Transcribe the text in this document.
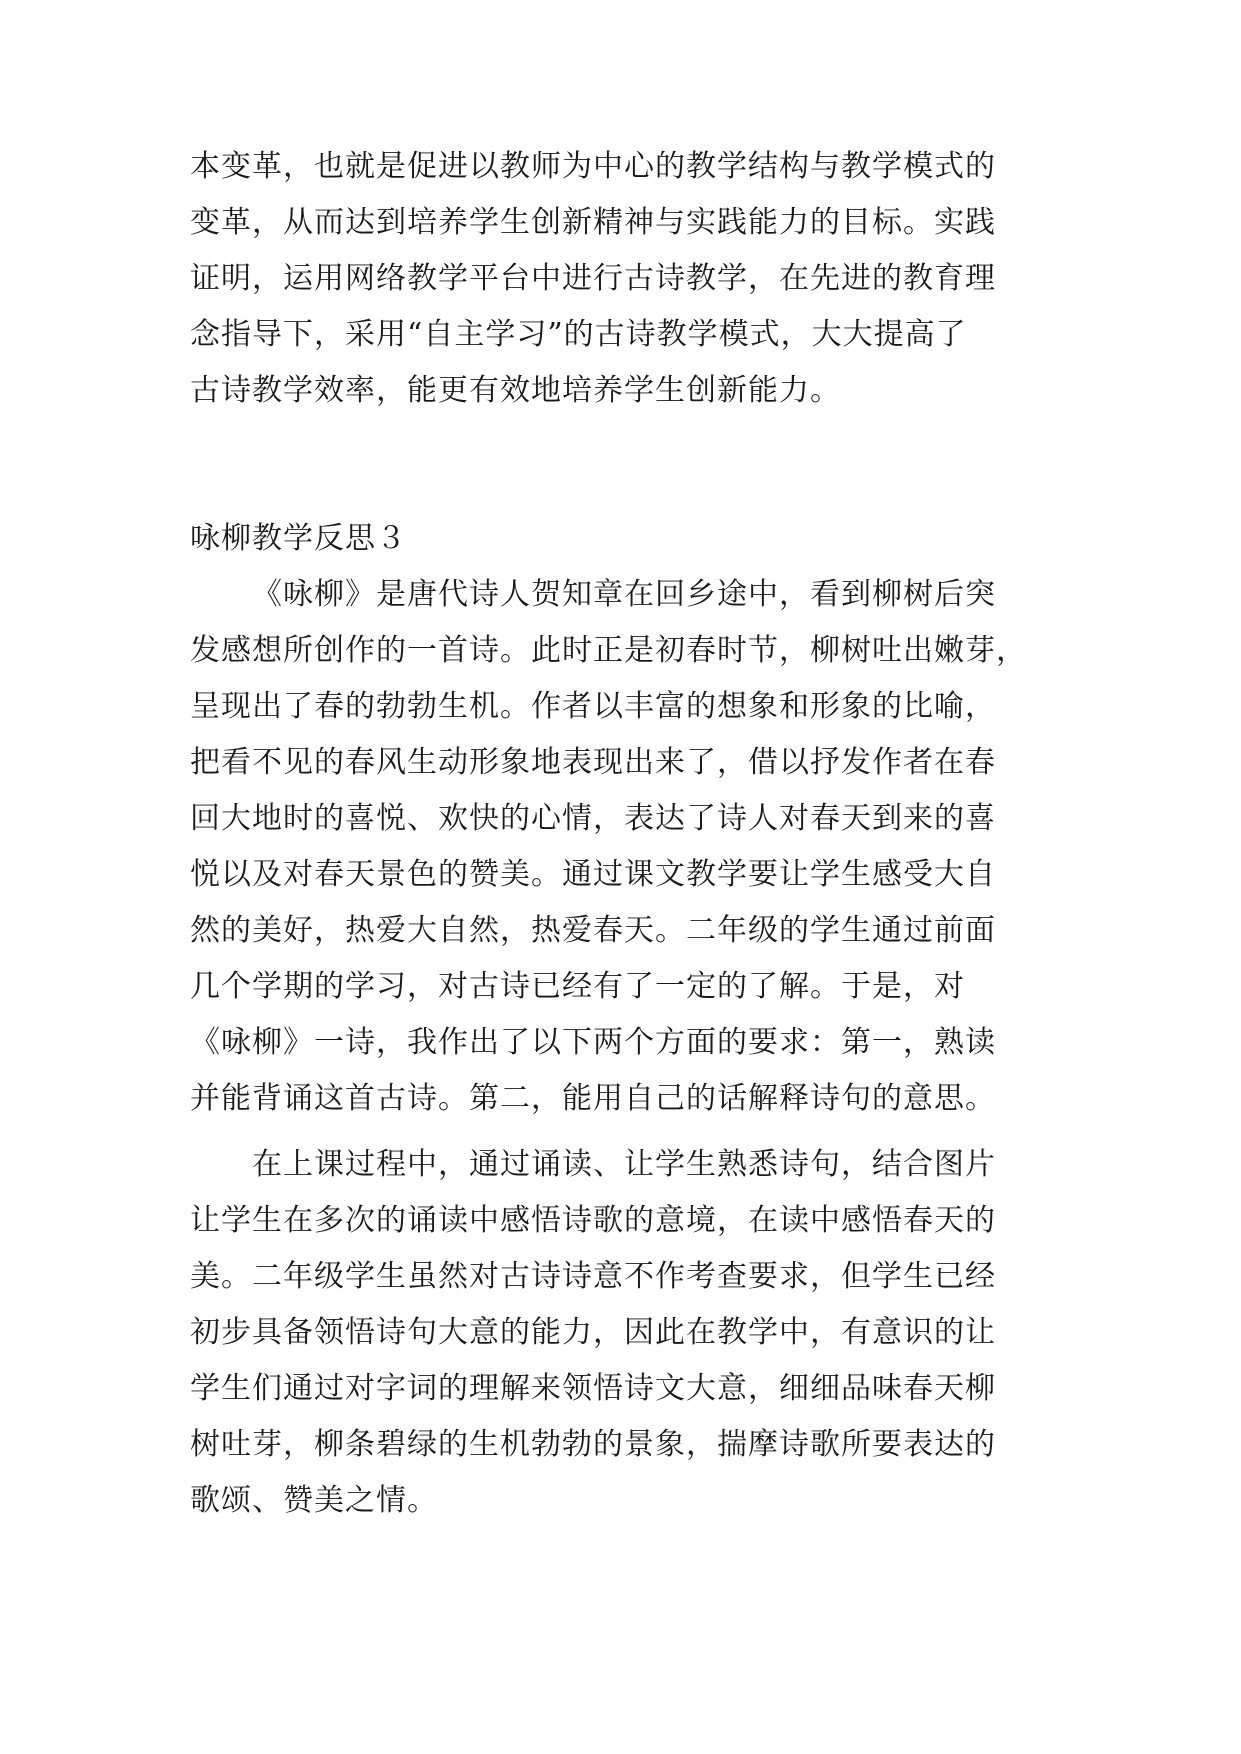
本变革，也就是促进以教师为中心的教学结构与教学模式的
变革，从而达到培养学生创新精神与实践能力的目标。实践
证明，运用网络教学平台中进行古诗教学，在先进的教育理
念指导下，采用“自主学习”的古诗教学模式，大大提高了
古诗教学效率，能更有效地培养学生创新能力。
咏柳教学反思３
《咏柳》是唐代诗人贺知章在回乡途中，看到柳树后突
发感想所创作的一首诗。此时正是初春时节，柳树吐出嫩芽，
呈现出了春的勃勃生机。作者以丰富的想象和形象的比喻，
把看不见的春风生动形象地表现出来了，借以抒发作者在春
回大地时的喜悦、欢快的心情，表达了诗人对春天到来的喜
悦以及对春天景色的赞美。通过课文教学要让学生感受大自
然的美好，热爱大自然，热爱春天。二年级的学生通过前面
几个学期的学习，对古诗已经有了一定的了解。于是，对
《咏柳》一诗，我作出了以下两个方面的要求：第一，熟读
并能背诵这首古诗。第二，能用自己的话解释诗句的意思。
在上课过程中，通过诵读、让学生熟悉诗句，结合图片
让学生在多次的诵读中感悟诗歌的意境，在读中感悟春天的
美。二年级学生虽然对古诗诗意不作考查要求，但学生已经
初步具备领悟诗句大意的能力，因此在教学中，有意识的让
学生们通过对字词的理解来领悟诗文大意，细细品味春天柳
树吐芽，柳条碧绿的生机勃勃的景象，揣摩诗歌所要表达的
歌颂、赞美之情。
